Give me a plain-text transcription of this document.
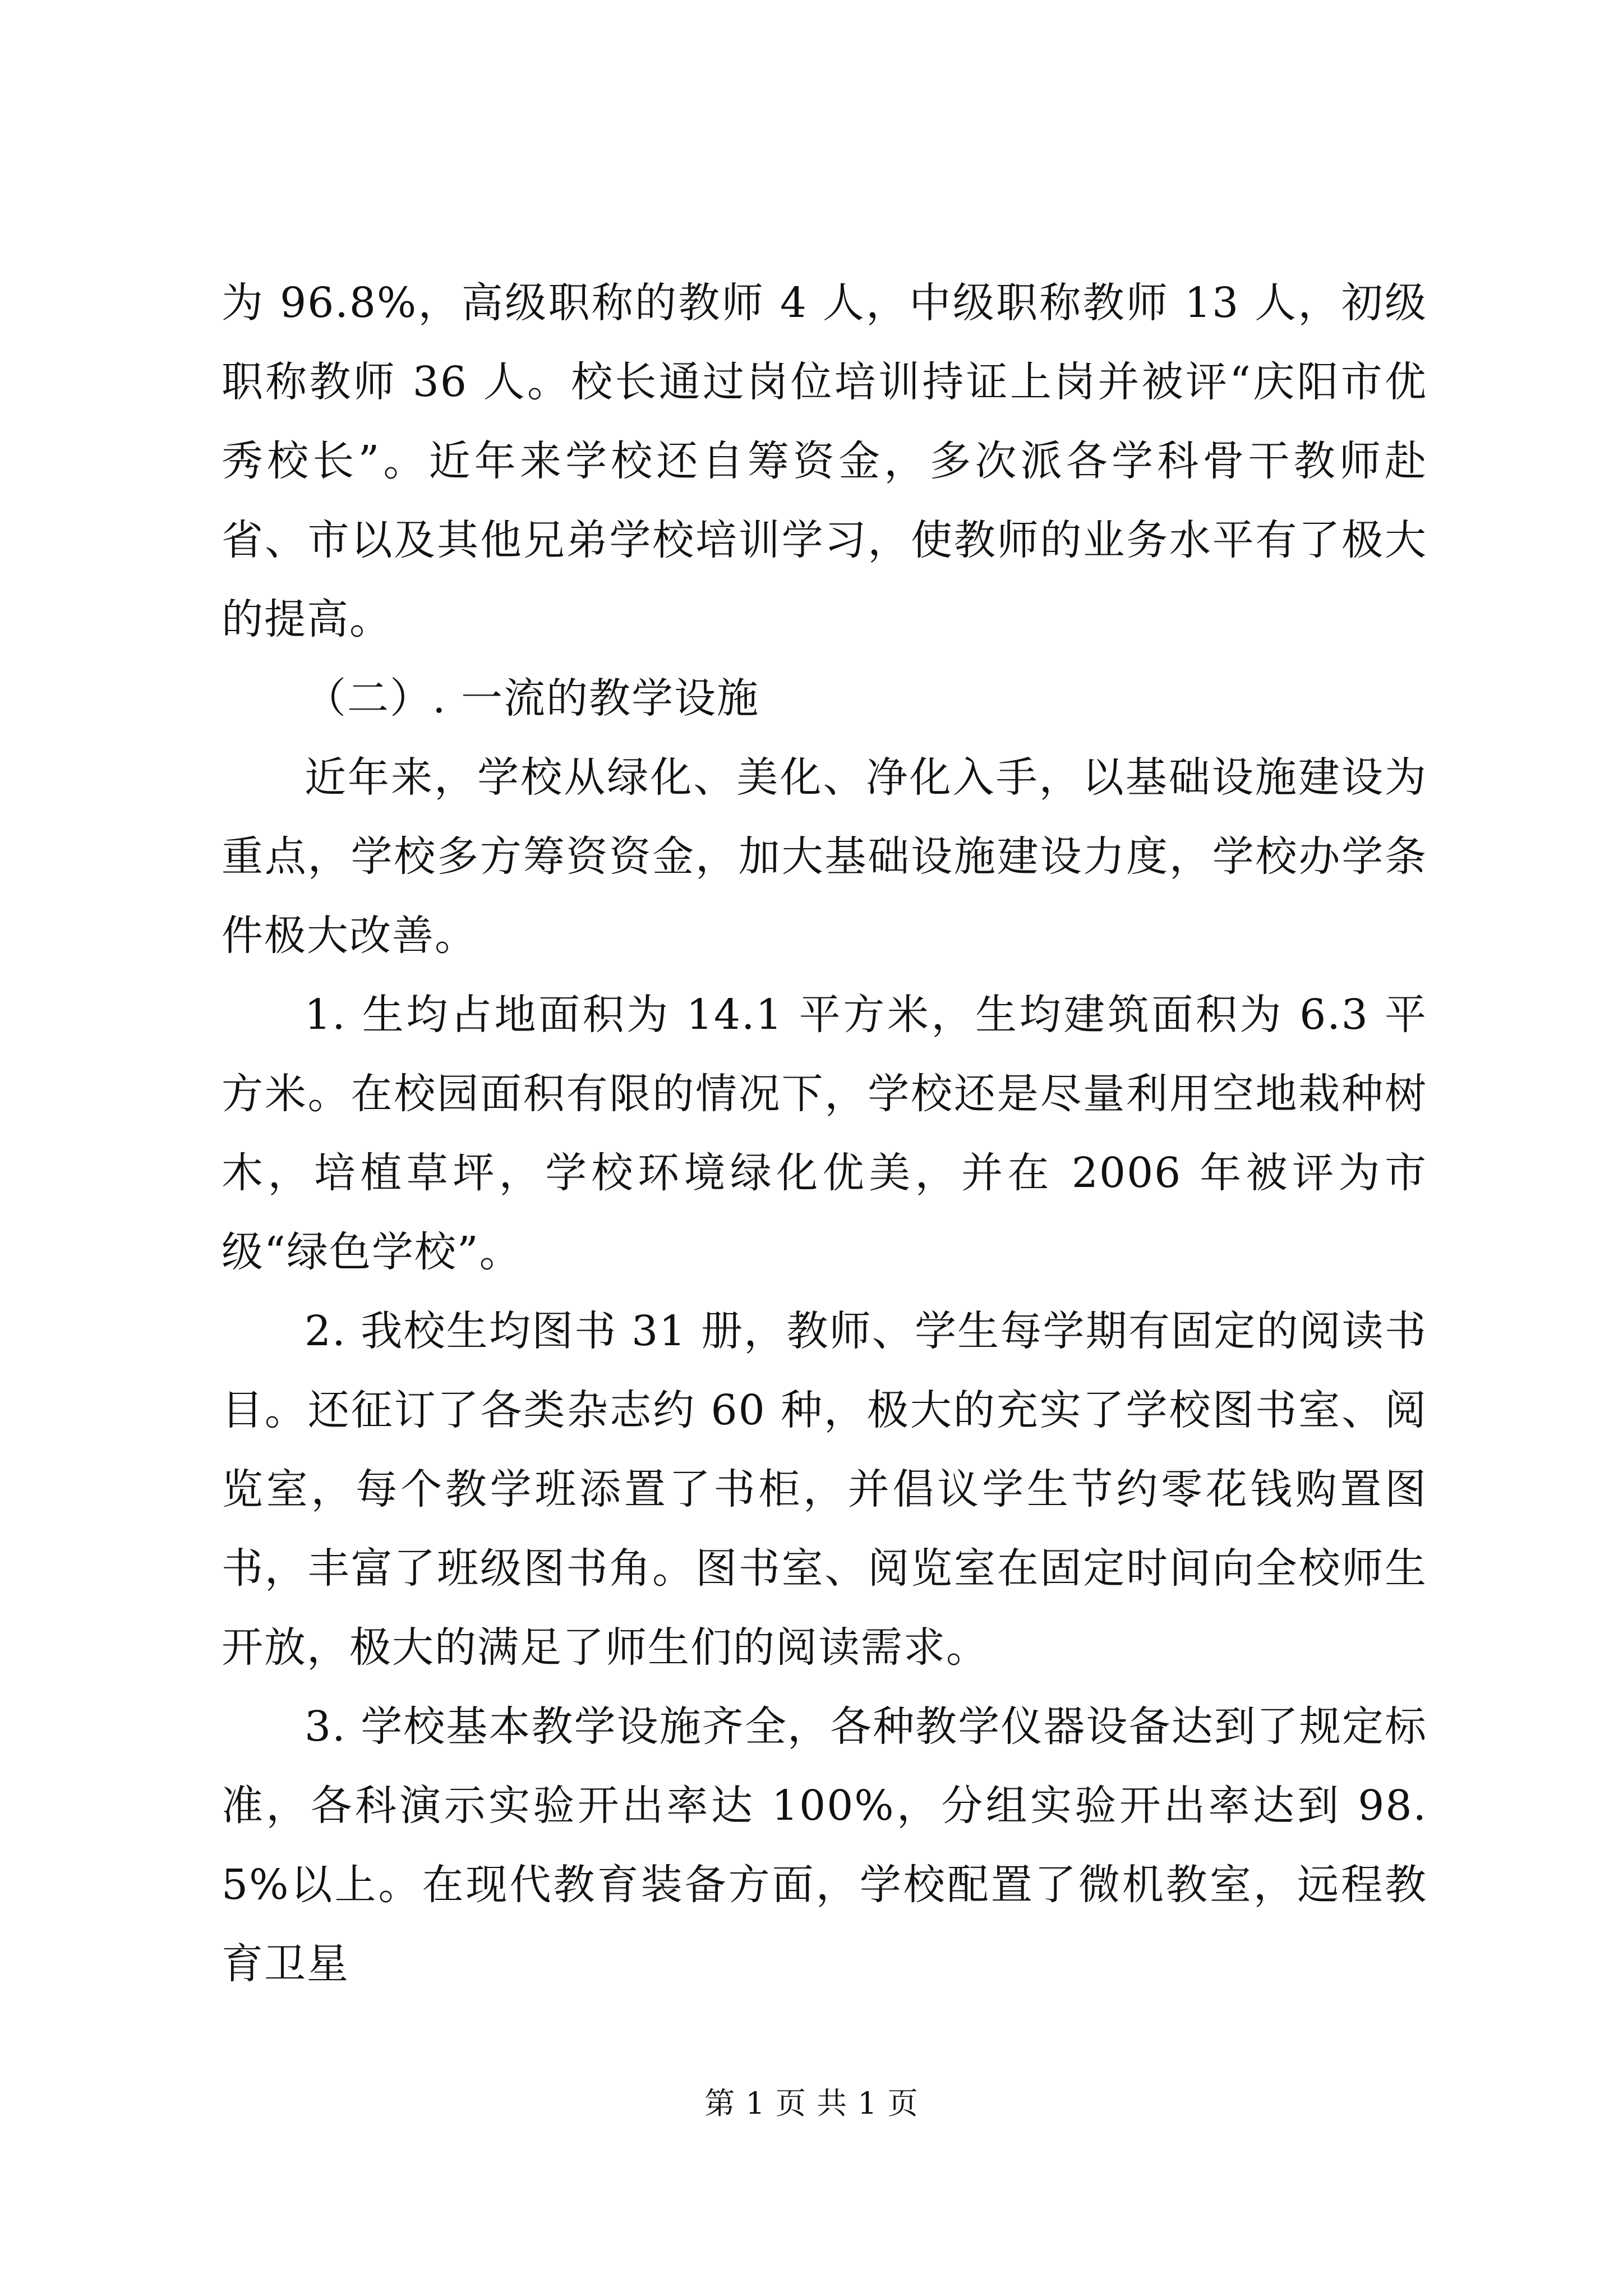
为 96.8%，高级职称的教师 4 人，中级职称教师 13 人，初级职称教师 36 人。校长通过岗位培训持证上岗并被评“庆阳市优秀校长”。近年来学校还自筹资金，多次派各学科骨干教师赴省、市以及其他兄弟学校培训学习，使教师的业务水平有了极大的提高。

（二）. 一流的教学设施

近年来，学校从绿化、美化、净化入手，以基础设施建设为重点，学校多方筹资资金，加大基础设施建设力度，学校办学条件极大改善。

1. 生均占地面积为 14.1 平方米，生均建筑面积为 6.3 平方米。在校园面积有限的情况下，学校还是尽量利用空地栽种树木，培植草坪，学校环境绿化优美，并在 2006 年被评为市级“绿色学校”。

2. 我校生均图书 31 册，教师、学生每学期有固定的阅读书目。还征订了各类杂志约 60 种，极大的充实了学校图书室、阅览室，每个教学班添置了书柜，并倡议学生节约零花钱购置图书，丰富了班级图书角。图书室、阅览室在固定时间向全校师生开放，极大的满足了师生们的阅读需求。

3. 学校基本教学设施齐全，各种教学仪器设备达到了规定标准，各科演示实验开出率达 100%，分组实验开出率达到 98.5%以上。在现代教育装备方面，学校配置了微机教室，远程教育卫星

第 1 页 共 1 页
